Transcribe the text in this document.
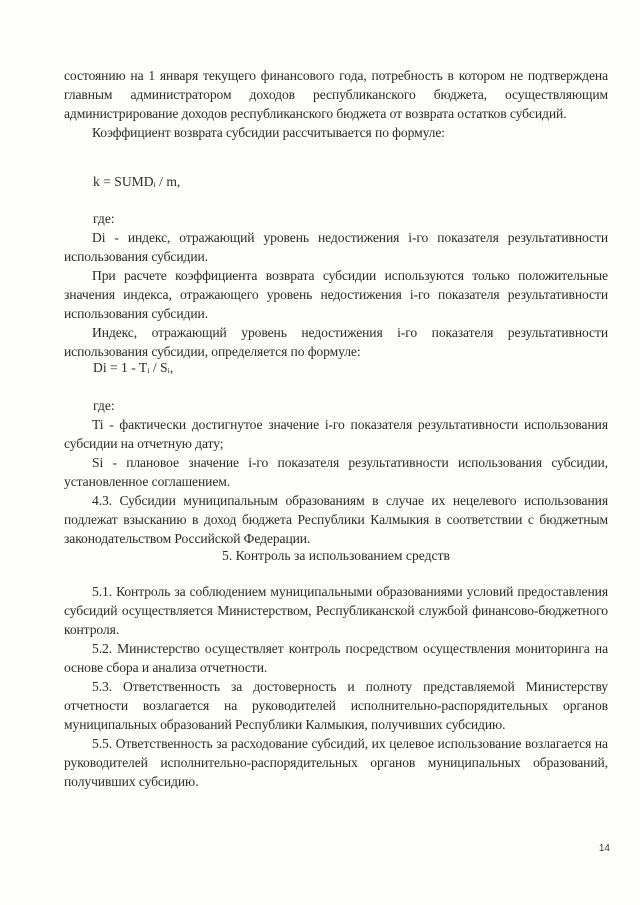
состоянию на 1 января текущего финансового года, потребность в котором не подтверждена главным администратором доходов республиканского бюджета, осуществляющим администрирование доходов республиканского бюджета от возврата остатков субсидий.

Коэффициент возврата субсидии рассчитывается по формуле:

k = SUMDᵢ / m,
где:

Di - индекс, отражающий уровень недостижения i-го показателя результативности использования субсидии.

При расчете коэффициента возврата субсидии используются только положительные значения индекса, отражающего уровень недостижения i-го показателя результативности использования субсидии.

Индекс, отражающий уровень недостижения i-го показателя результативности использования субсидии, определяется по формуле:

Di = 1 - Tᵢ / Sᵢ,
где:

Ti - фактически достигнутое значение i-го показателя результативности использования субсидии на отчетную дату;

Si - плановое значение i-го показателя результативности использования субсидии, установленное соглашением.

4.3. Субсидии муниципальным образованиям в случае их нецелевого использования подлежат взысканию в доход бюджета Республики Калмыкия в соответствии с бюджетным законодательством Российской Федерации.

5. Контроль за использованием средств

5.1. Контроль за соблюдением муниципальными образованиями условий предоставления субсидий осуществляется Министерством, Республиканской службой финансово-бюджетного контроля.

5.2. Министерство осуществляет контроль посредством осуществления мониторинга на основе сбора и анализа отчетности.

5.3. Ответственность за достоверность и полноту представляемой Министерству отчетности возлагается на руководителей исполнительно-распорядительных органов муниципальных образований Республики Калмыкия, получивших субсидию.

5.5. Ответственность за расходование субсидий, их целевое использование возлагается на руководителей исполнительно-распорядительных органов муниципальных образований, получивших субсидию.

14
